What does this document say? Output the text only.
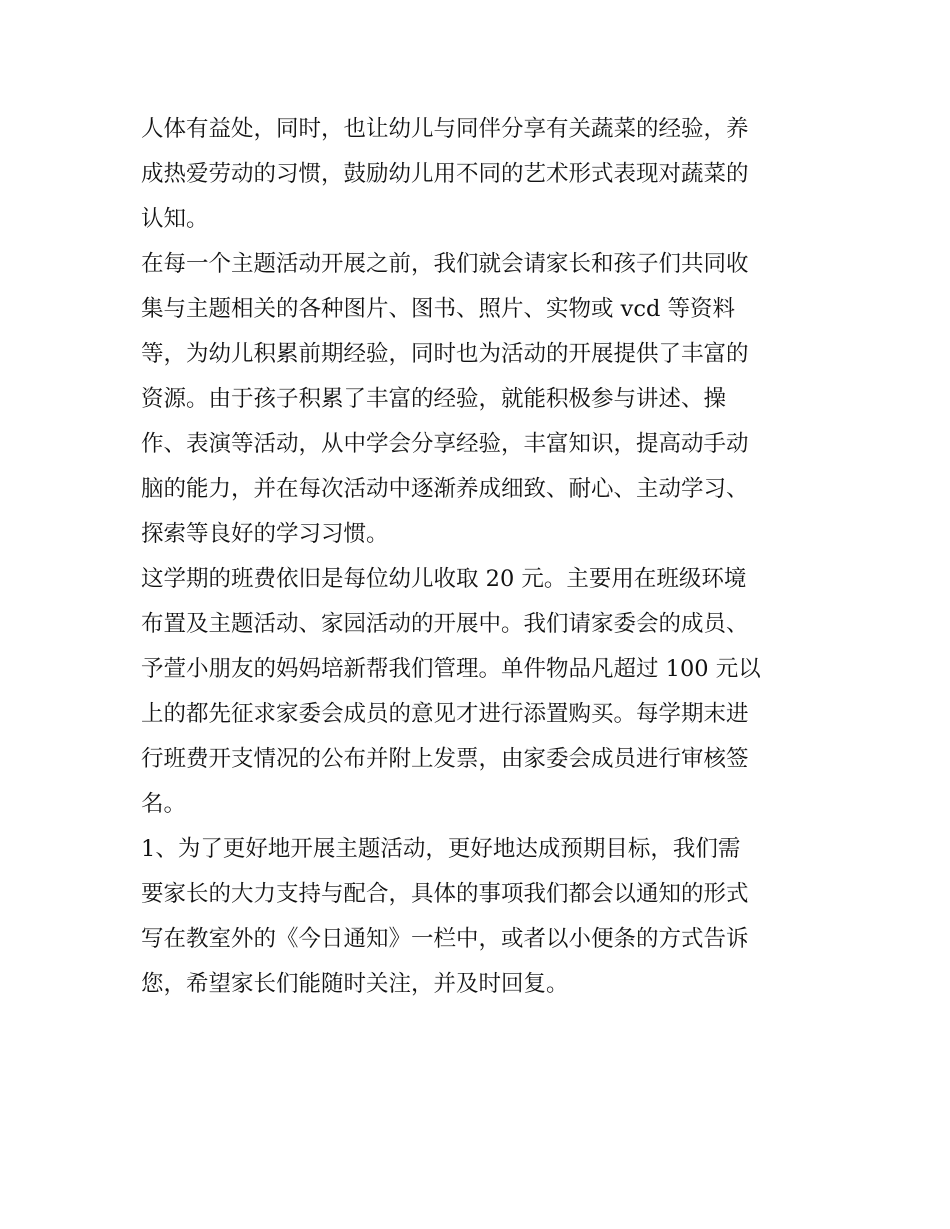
人体有益处，同时，也让幼儿与同伴分享有关蔬菜的经验，养
成热爱劳动的习惯，鼓励幼儿用不同的艺术形式表现对蔬菜的
认知。

在每一个主题活动开展之前，我们就会请家长和孩子们共同收
集与主题相关的各种图片、图书、照片、实物或 vcd 等资料
等，为幼儿积累前期经验，同时也为活动的开展提供了丰富的
资源。由于孩子积累了丰富的经验，就能积极参与讲述、操
作、表演等活动，从中学会分享经验，丰富知识，提高动手动
脑的能力，并在每次活动中逐渐养成细致、耐心、主动学习、
探索等良好的学习习惯。

这学期的班费依旧是每位幼儿收取 20 元。主要用在班级环境
布置及主题活动、家园活动的开展中。我们请家委会的成员、
予萱小朋友的妈妈培新帮我们管理。单件物品凡超过 100 元以
上的都先征求家委会成员的意见才进行添置购买。每学期末进
行班费开支情况的公布并附上发票，由家委会成员进行审核签
名。

1、为了更好地开展主题活动，更好地达成预期目标，我们需
要家长的大力支持与配合，具体的事项我们都会以通知的形式
写在教室外的《今日通知》一栏中，或者以小便条的方式告诉
您，希望家长们能随时关注，并及时回复。
